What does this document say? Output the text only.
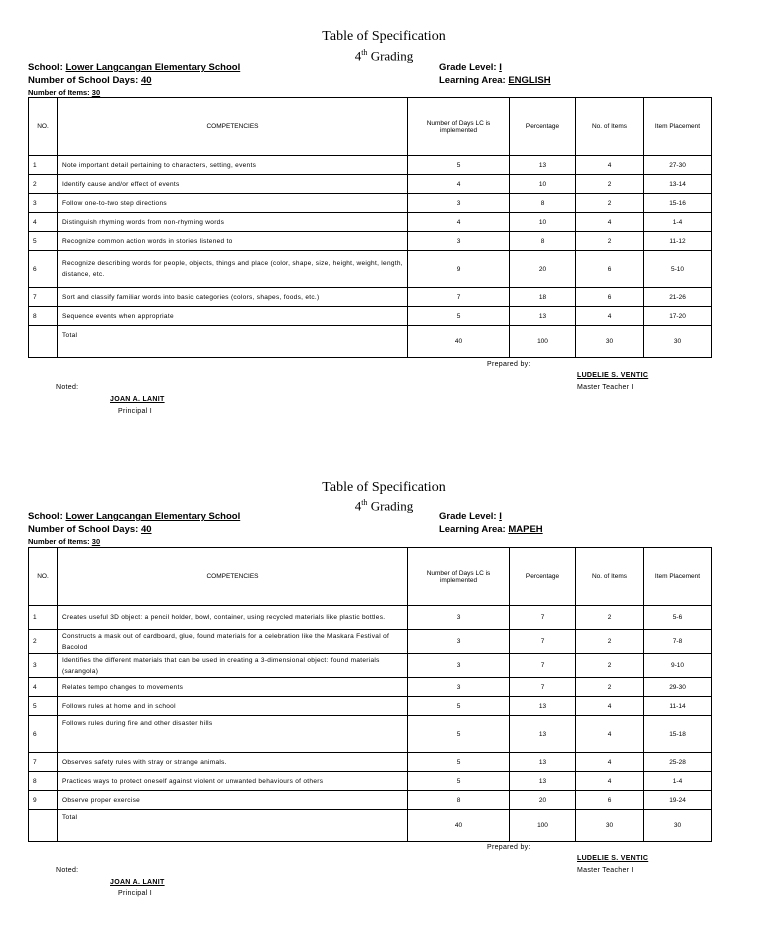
Table of Specification
4th Grading
School: Lower Langcangan Elementary School
Number of School Days: 40
Number of Items: 30
Grade Level: I
Learning Area: ENGLISH
NO.	COMPETENCIES	Number of Days LC is implemented	Percentage	No. of Items	Item Placement
1	Note important detail pertaining to characters, setting, events	5	13	4	27-30
2	Identify cause and/or effect of events	4	10	2	13-14
3	Follow one-to-two step directions	3	8	2	15-16
4	Distinguish rhyming words from non-rhyming words	4	10	4	1-4
5	Recognize common action words in stories listened to	3	8	2	11-12
6	Recognize describing words for people, objects, things and place (color, shape, size, height, weight, length, distance, etc.	9	20	6	5-10
7	Sort and classify familiar words into basic categories (colors, shapes, foods, etc.)	7	18	6	21-26
8	Sequence events when appropriate	5	13	4	17-20
	Total	40	100	30	30
Prepared by:
LUDELIE S. VENTIC
Master Teacher I
Noted:
JOAN A. LANIT
Principal I
Table of Specification
4th Grading
School: Lower Langcangan Elementary School
Number of School Days: 40
Number of Items: 30
Grade Level: I
Learning Area: MAPEH
NO.	COMPETENCIES	Number of Days LC is implemented	Percentage	No. of Items	Item Placement
1	Creates useful 3D object: a pencil holder, bowl, container, using recycled materials like plastic bottles.	3	7	2	5-6
2	Constructs a mask out of cardboard, glue, found materials for a celebration like the Maskara Festival of Bacolod	3	7	2	7-8
3	Identifies the different materials that can be used in creating a 3-dimensional object: found materials (sarangola)	3	7	2	9-10
4	Relates tempo changes to movements	3	7	2	29-30
5	Follows rules at home and in school	5	13	4	11-14
6	Follows rules during fire and other disaster hills	5	13	4	15-18
7	Observes safety rules with stray or strange animals.	5	13	4	25-28
8	Practices ways to protect oneself against violent or unwanted behaviours of others	5	13	4	1-4
9	Observe proper exercise	8	20	6	19-24
	Total	40	100	30	30
Prepared by:
LUDELIE S. VENTIC
Master Teacher I
Noted:
JOAN A. LANIT
Principal I
